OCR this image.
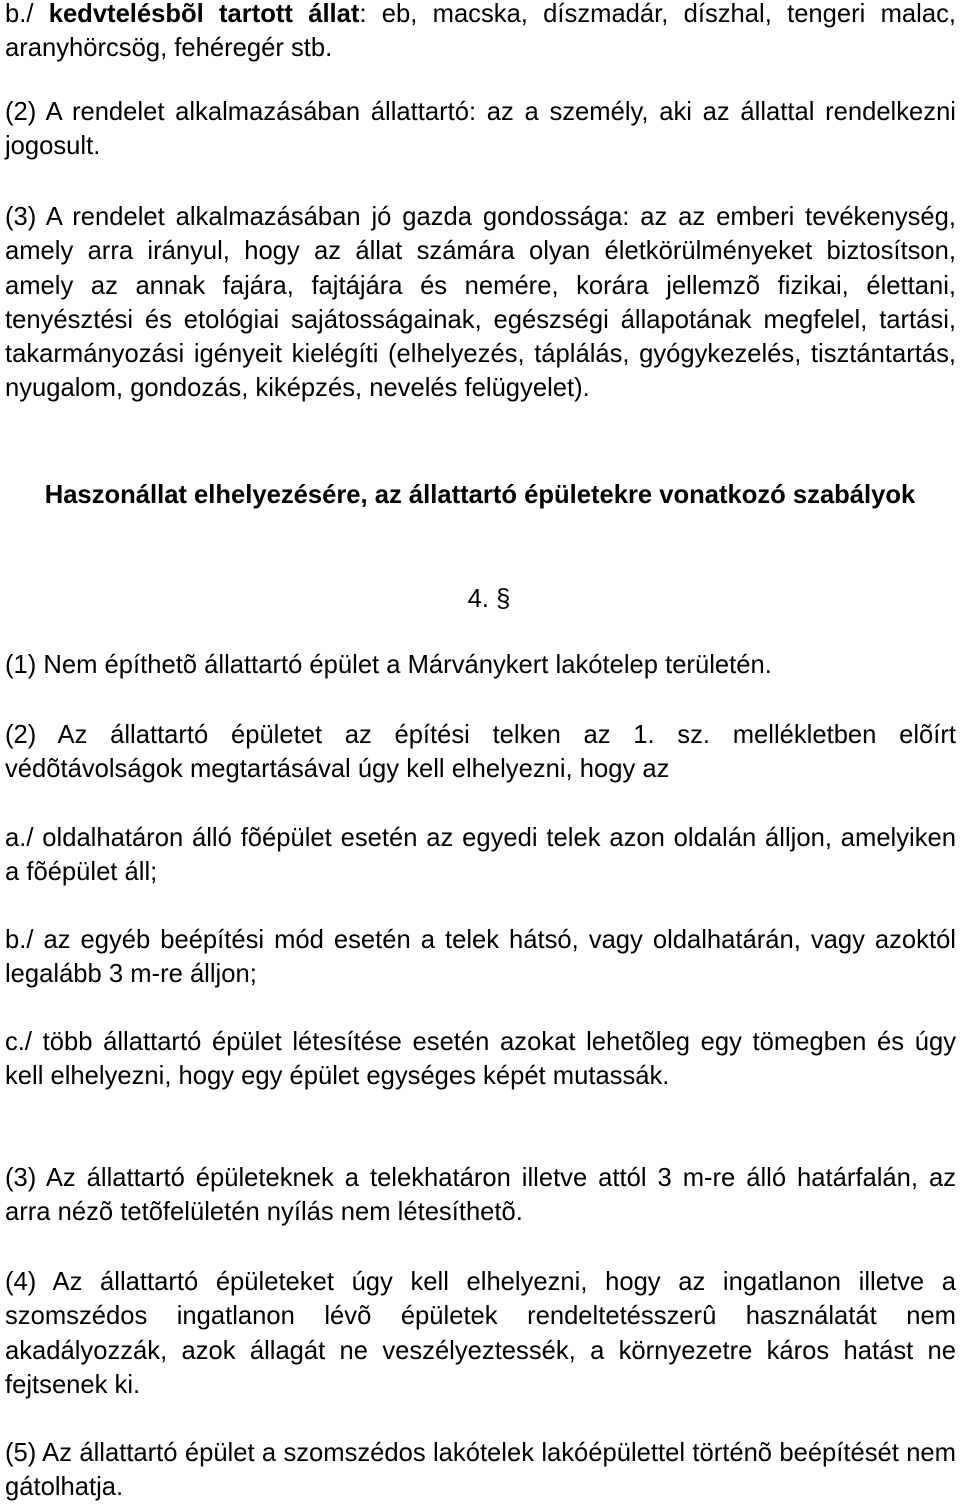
b./ kedvtelésbõl tartott állat: eb, macska, díszmadár, díszhal, tengeri malac, aranyhörcsög, fehéregér stb.

(2) A rendelet alkalmazásában állattartó: az a személy, aki az állattal rendelkezni jogosult.

(3) A rendelet alkalmazásában jó gazda gondossága: az az emberi tevékenység, amely arra irányul, hogy az állat számára olyan életkörülményeket biztosítson, amely az annak fajára, fajtájára és nemére, korára jellemzõ fizikai, élettani, tenyésztési és etológiai sajátosságainak, egészségi állapotának megfelel, tartási, takarmányozási igényeit kielégíti (elhelyezés, táplálás, gyógykezelés, tisztántartás, nyugalom, gondozás, kiképzés, nevelés felügyelet).

Haszonállat elhelyezésére, az állattartó épületekre vonatkozó szabályok

4. §

(1) Nem építhetõ állattartó épület a Márványkert lakótelep területén.

(2) Az állattartó épületet az építési telken az 1. sz. mellékletben elõírt védõtávolságok megtartásával úgy kell elhelyezni, hogy az

a./ oldalhatáron álló fõépület esetén az egyedi telek azon oldalán álljon, amelyiken a fõépület áll;

b./ az egyéb beépítési mód esetén a telek hátsó, vagy oldalhatárán, vagy azoktól legalább 3 m-re álljon;

c./ több állattartó épület létesítése esetén azokat lehetõleg egy tömegben és úgy kell elhelyezni, hogy egy épület egységes képét mutassák.

(3) Az állattartó épületeknek a telekhatáron illetve attól 3 m-re álló határfalán, az arra nézõ tetõfelületén nyílás nem létesíthetõ.

(4) Az állattartó épületeket úgy kell elhelyezni, hogy az ingatlanon illetve a szomszédos ingatlanon lévõ épületek rendeltetésszerû használatát nem akadályozzák, azok állagát ne veszélyeztessék, a környezetre káros hatást ne fejtsenek ki.

(5) Az állattartó épület a szomszédos lakótelek lakóépülettel történõ beépítését nem gátolhatja.
